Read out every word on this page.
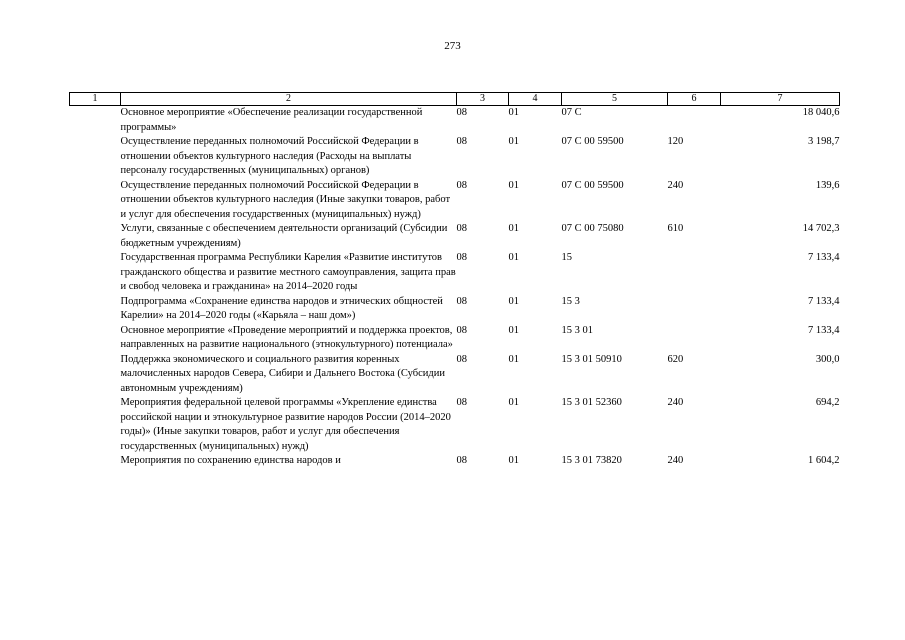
273
1	2	3	4	5	6	7
	Основное мероприятие «Обеспечение реализации государственной программы»	08	01	07 С		18 040,6
	Осуществление переданных полномочий Российской Федерации в отношении объектов культурного наследия (Расходы на выплаты персоналу государственных (муниципальных) органов)	08	01	07 С 00 59500	120	3 198,7
	Осуществление переданных полномочий Российской Федерации в отношении объектов культурного наследия (Иные закупки товаров, работ и услуг для обеспечения государственных (муниципальных) нужд)	08	01	07 С 00 59500	240	139,6
	Услуги, связанные с обеспечением деятельности организаций (Субсидии бюджетным учреждениям)	08	01	07 С 00 75080	610	14 702,3
	Государственная программа Республики Карелия «Развитие институтов гражданского общества и развитие местного самоуправления, защита прав и свобод человека и гражданина» на 2014–2020 годы	08	01	15		7 133,4
	Подпрограмма «Сохранение единства народов и этнических общностей Карелии» на 2014–2020 годы («Карьяла – наш дом»)	08	01	15 3		7 133,4
	Основное мероприятие «Проведение мероприятий и поддержка проектов, направленных на развитие национального (этнокультурного) потенциала»	08	01	15 3 01		7 133,4
	Поддержка экономического и социального развития коренных малочисленных народов Севера, Сибири и Дальнего Востока (Субсидии автономным учреждениям)	08	01	15 3 01 50910	620	300,0
	Мероприятия федеральной целевой программы «Укрепление единства российской нации и этнокультурное развитие народов России (2014–2020 годы)» (Иные закупки товаров, работ и услуг для обеспечения государственных (муниципальных) нужд)	08	01	15 3 01 52360	240	694,2
	Мероприятия по сохранению единства народов и	08	01	15 3 01 73820	240	1 604,2
